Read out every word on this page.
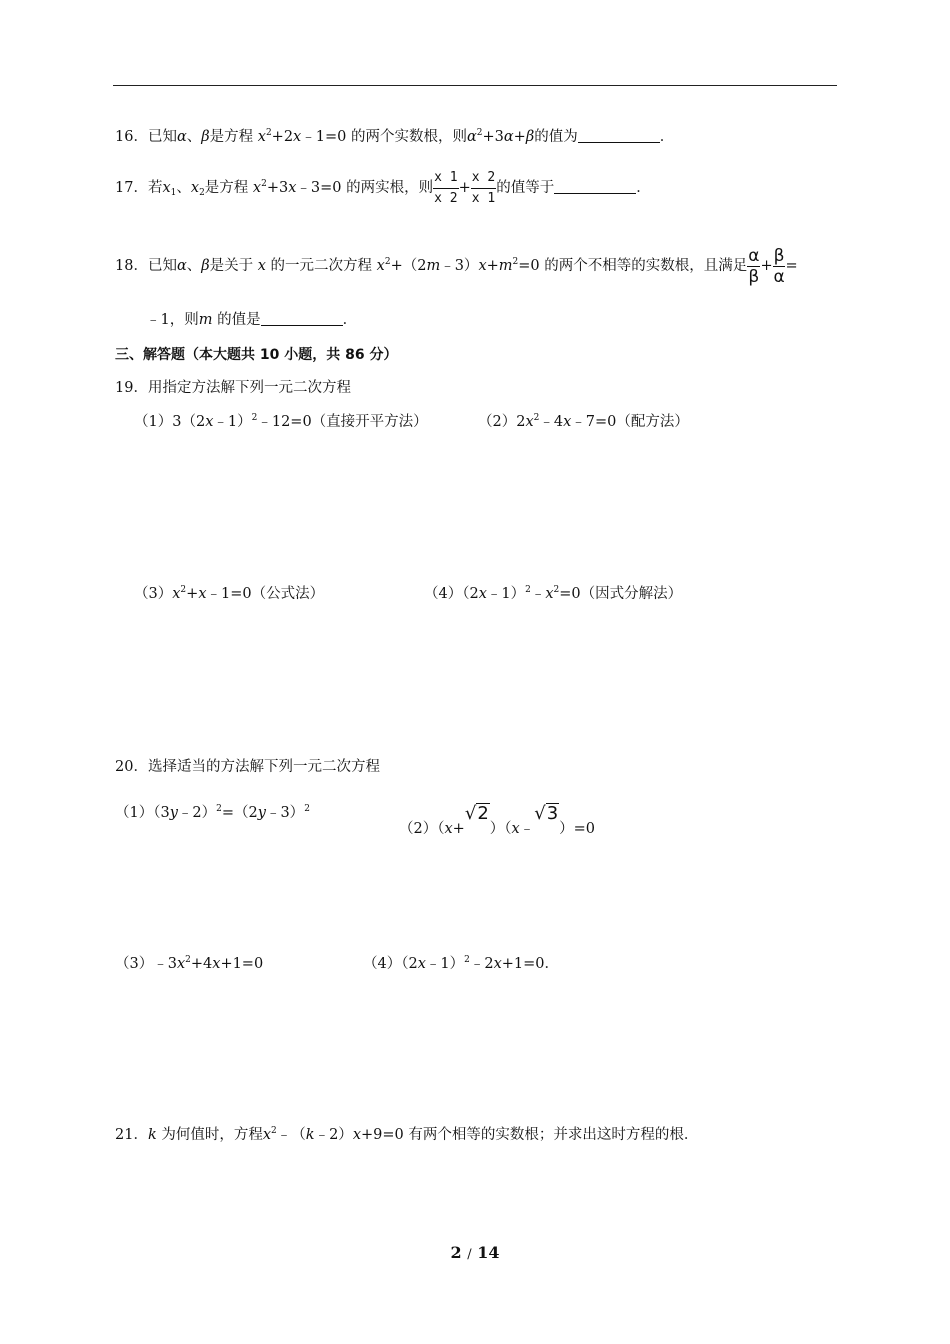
16．已知α、β是方程 $x^2+2x﹣1=0$ 的两个实数根，则$\alpha^2+3\alpha+\beta$的值为	．
17．若$x_1$、$x_2$是方程 $x^2+3x﹣3=0$ 的两实根，则 $\frac{x 1}{x 2} + \frac{x 2}{x 1}$ 的值等于	．
18．已知α、β是关于 x 的一元二次方程 $x^2+(2m﹣3)x+m^2=0$ 的两个不相等的实数根，且满足 $\frac{\alpha}{\beta} + \frac{\beta}{\alpha}$ =
﹣1，则m 的值是	．
三、解答题（本大题共 10 小题，共 86 分）
19．用指定方法解下列一元二次方程
（1）3（2x﹣1）$^2$﹣12=0（直接开平方法）	$(2)2x^2﹣4x﹣7=0$（配方法）
$(3)x^2+x﹣1=0$（公式法）	$(4)(2x﹣1)^2﹣x^2=0$（因式分解法）
20．选择适当的方法解下列一元二次方程
（1）（3y﹣2）$^2$=（2y﹣3）$^2$
（2）（x+√2）（x﹣√3）=0
$(3)﹣3x^2+4x+1=0$	（4）（2x﹣1）$^2$﹣2x+1=0．
21．k 为何值时，方程$x^2﹣(k﹣2)x+9=0$ 有两个相等的实数根；并求出这时方程的根．
2 / 14
